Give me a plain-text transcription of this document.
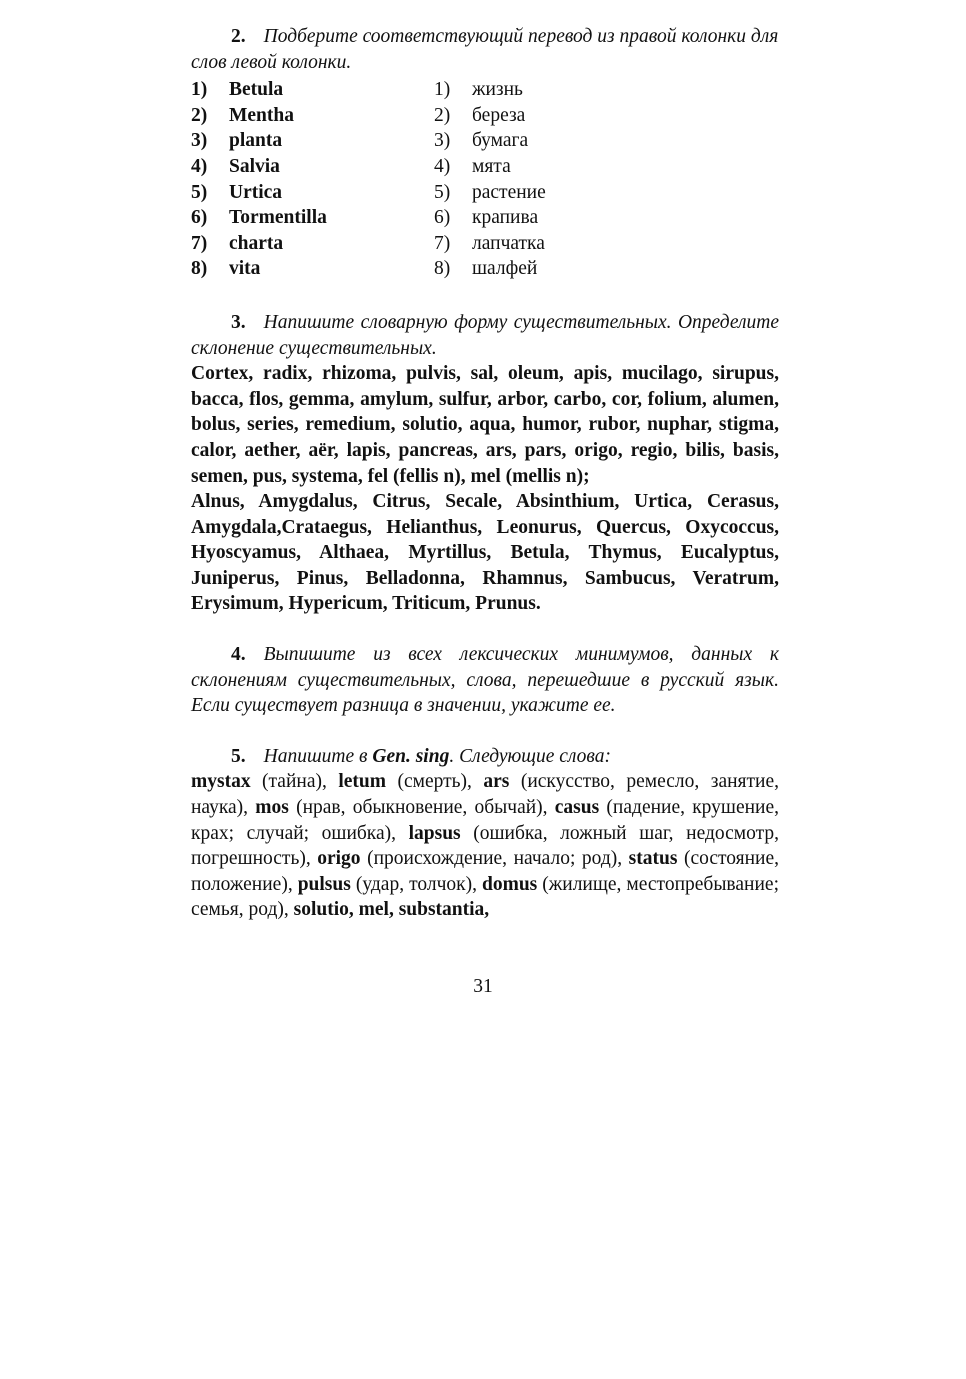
2. Подберите соответствующий перевод из правой колонки для слов левой колонки.

1) Betula	1) жизнь
2) Mentha	2) береза
3) planta	3) бумага
4) Salvia	4) мята
5) Urtica	5) растение
6) Tormentilla	6) крапива
7) charta	7) лапчатка
8) vita	8) шалфей

3. Напишите словарную форму существительных. Определите склонение существительных.

Cortex, radix, rhizoma, pulvis, sal, oleum, apis, mucilago, sirupus, bacca, flos, gemma, amylum, sulfur, arbor, carbo, cor, folium, alumen, bolus, series, remedium, solutio, aqua, humor, rubor, nuphar, stigma, calor, aether, aёr, lapis, pancreas, ars, pars, origo, regio, bilis, basis, semen, pus, systema, fel (fellis n), mel (mellis n);

Alnus, Amygdalus, Citrus, Secale, Absinthium, Urtica, Cerasus, Amygdala,Crataegus, Helianthus, Leonurus, Quercus, Oxycoccus, Hyoscyamus, Althaea, Myrtillus, Betula, Thymus, Eucalyptus, Juniperus, Pinus, Belladonna, Rhamnus, Sambucus, Veratrum, Erysimum, Hypericum, Triticum, Prunus.

4. Выпишите из всех лексических минимумов, данных к склонениям существительных, слова, перешедшие в русский язык. Если существует разница в значении, укажите ее.

5. Напишите в Gen. sing. Следующие слова:

mystax (тайна), letum (смерть), ars (искусство, ремесло, занятие, наука), mos (нрав, обыкновение, обычай), casus (падение, крушение, крах; случай; ошибка), lapsus (ошибка, ложный шаг, недосмотр, погрешность), origo (происхождение, начало; род), status (состояние, положение), pulsus (удар, толчок), domus (жилище, местопребывание; семья, род), solutio, mel, substantia,

31
